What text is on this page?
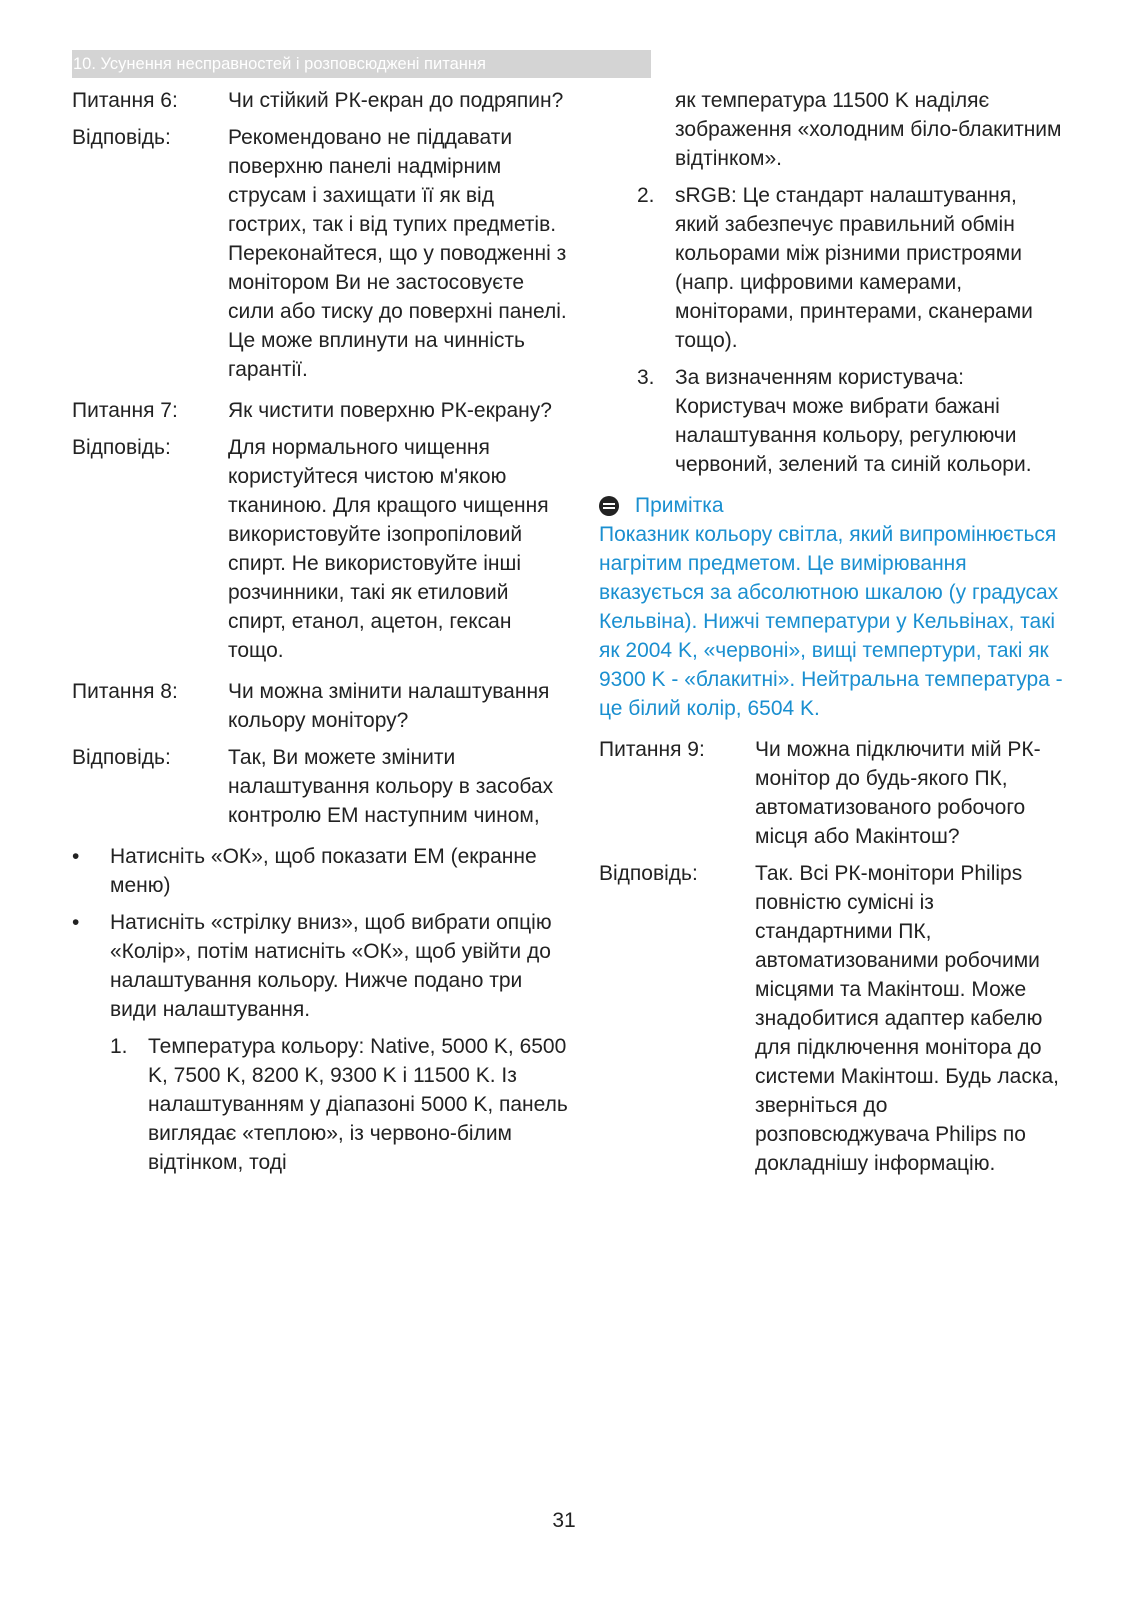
10. Усунення несправностей і розповсюджені питання
Питання 6:	Чи стійкий РК-екран до подряпин?
Відповідь:	Рекомендовано не піддавати поверхню панелі надмірним струсам і захищати її як від гострих, так і від тупих предметів. Переконайтеся, що у поводженні з монітором Ви не застосовуєте сили або тиску до поверхні панелі. Це може вплинути на чинність гарантії.
Питання 7:	Як чистити поверхню РК-екрану?
Відповідь:	Для нормального чищення користуйтеся чистою м'якою тканиною. Для кращого чищення використовуйте ізопропіловий спирт. Не використовуйте інші розчинники, такі як етиловий спирт, етанол, ацетон, гексан тощо.
Питання 8:	Чи можна змінити налаштування кольору монітору?
Відповідь:	Так, Ви можете змінити налаштування кольору в засобах контролю ЕМ наступним чином,
•	Натисніть «ОК», щоб показати ЕМ (екранне меню)
•	Натисніть «стрілку вниз», щоб вибрати опцію «Колір», потім натисніть «ОК», щоб увійти до налаштування кольору. Нижче подано три види налаштування.
1. Температура кольору: Native, 5000 K, 6500 K, 7500 K, 8200 K, 9300 K і 11500 K. Із налаштуванням у діапазоні 5000 K, панель виглядає «теплою», із червоно-білим відтінком, тоді
як температура 11500 K наділяє зображення «холодним біло-блакитним відтінком».
2. sRGB: Це стандарт налаштування, який забезпечує правильний обмін кольорами між різними пристроями (напр. цифровими камерами, моніторами, принтерами, сканерами тощо).
3. За визначенням користувача: Користувач може вибрати бажані налаштування кольору, регулюючи червоний, зелений та синій кольори.
Примітка
Показник кольору світла, який випромінюється нагрітим предметом. Це вимірювання вказується за абсолютною шкалою (у градусах Кельвіна). Нижчі температури у Кельвінах, такі як 2004 K, «червоні», вищі темпертури, такі як 9300 K - «блакитні». Нейтральна температура - це білий колір, 6504 K.
Питання 9:	Чи можна підключити мій РК-монітор до будь-якого ПК, автоматизованого робочого місця або Макінтош?
Відповідь:	Так. Всі РК-монітори Philips повністю сумісні із стандартними ПК, автоматизованими робочими місцями та Макінтош. Може знадобитися адаптер кабелю для підключення монітора до системи Макінтош. Будь ласка, зверніться до розповсюджувача Philips по докладнішу інформацію.
31
